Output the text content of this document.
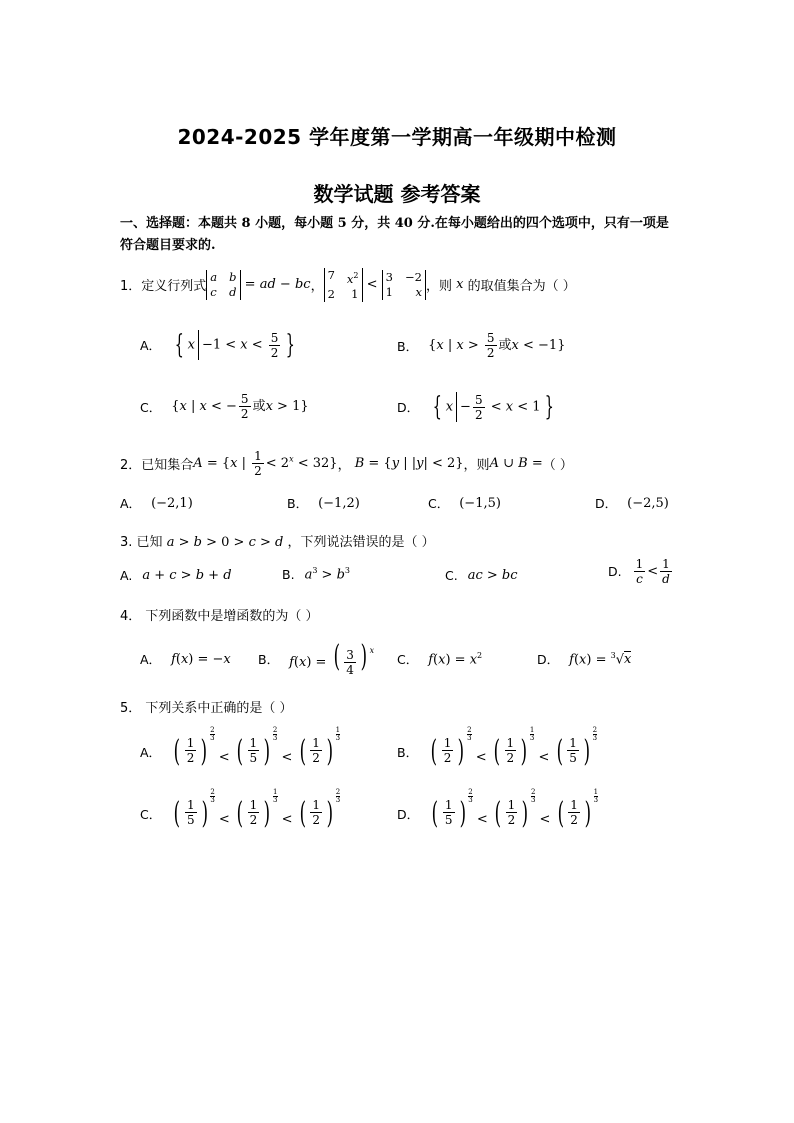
2024-2025 学年度第一学期高一年级期中检测
数学试题 参考答案
一、选择题：本题共 8 小题，每小题 5 分，共 40 分.在每小题给出的四个选项中，只有一项是符合题目要求的.
1． 定义行列式
a b
c d = ad − bc ，
7 $x^2$
2 1
<
3 −2
1 x ，则 x 的取值集合为（ ）
A． { $x -1 < x < \frac{5}{2}$ }	B． {x | $x > \frac{5}{2}$ 或x < −1}
C． {x | x < − $\frac{5}{2}$ 或x > 1}	D． { $x - \frac{5}{2} < x < 1$ }
2． 已知集合 A = {x | $\frac{1}{2} < 2^x < 32$} ， B = {y | |y| < 2} ，则 A ∪ B = （ ）
A． (−2,1)	B． (−1,2)	C． (−1,5)	D． (−2,5)
3. 已知 a > b > 0 > c > d ，下列说法错误的是（ ）
A. a + c > b + d	B. $a^3 > b^3$	C. ac > bc	D. $\frac{1}{c} < \frac{1}{d}$
4． 下列函数中是增函数的为（ ）
A． f(x) = −x B． f(x) = ( $\frac{3}{4}$ ) $^x$
C． $f(x) = x^2$	D． f(x) = $^3$√x
5． 下列关系中正确的是（ ）
A． ( $\frac{1}{2}$ )
2
3
< ( $\frac{1}{5}$ )
2
3
< ( $\frac{1}{2}$ )
1
3
B． ( $\frac{1}{2}$ )
2
3
< ( $\frac{1}{2}$ )
1
3
< ( $\frac{1}{5}$ )
2
3
C． ( $\frac{1}{5}$ )
2
3
< ( $\frac{1}{2}$ )
1
3
< ( $\frac{1}{2}$ )
2
3
D． ( $\frac{1}{5}$ )
2
3
< ( $\frac{1}{2}$ )
2
3
< ( $\frac{1}{2}$ )
1
3
